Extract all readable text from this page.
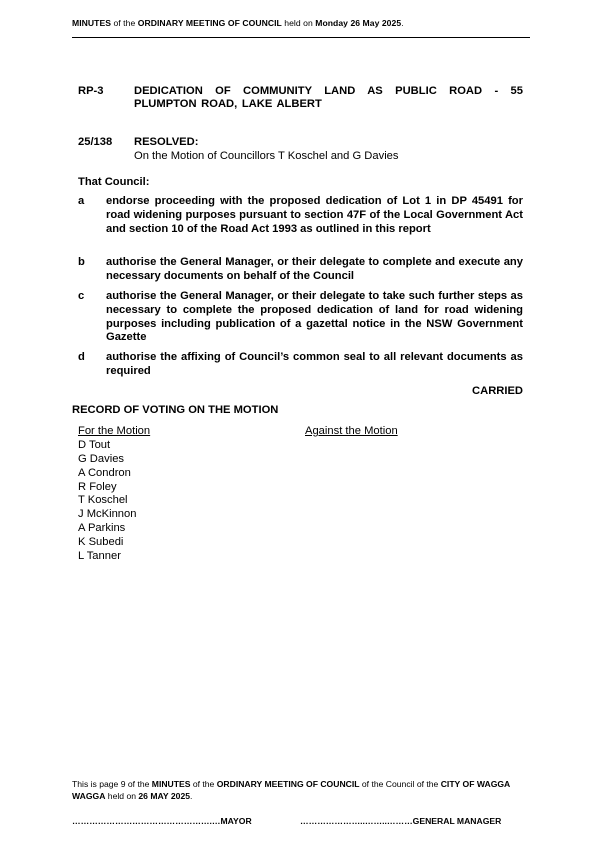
MINUTES of the ORDINARY MEETING OF COUNCIL held on Monday 26 May 2025.
RP-3	DEDICATION OF COMMUNITY LAND AS PUBLIC ROAD - 55 PLUMPTON ROAD, LAKE ALBERT
25/138 RESOLVED:
On the Motion of Councillors T Koschel and G Davies
That Council:
a endorse proceeding with the proposed dedication of Lot 1 in DP 45491 for road widening purposes pursuant to section 47F of the Local Government Act and section 10 of the Road Act 1993 as outlined in this report
b authorise the General Manager, or their delegate to complete and execute any necessary documents on behalf of the Council
c authorise the General Manager, or their delegate to take such further steps as necessary to complete the proposed dedication of land for road widening purposes including publication of a gazettal notice in the NSW Government Gazette
d authorise the affixing of Council’s common seal to all relevant documents as required
CARRIED
RECORD OF VOTING ON THE MOTION
For the Motion	Against the Motion
D Tout
G Davies
A Condron
R Foley
T Koschel
J McKinnon
A Parkins
K Subedi
L Tanner
This is page 9 of the MINUTES of the ORDINARY MEETING OF COUNCIL of the Council of the CITY OF WAGGA WAGGA held on 26 MAY 2025.
………………………………………….…MAYOR	…………………..……..………GENERAL MANAGER
